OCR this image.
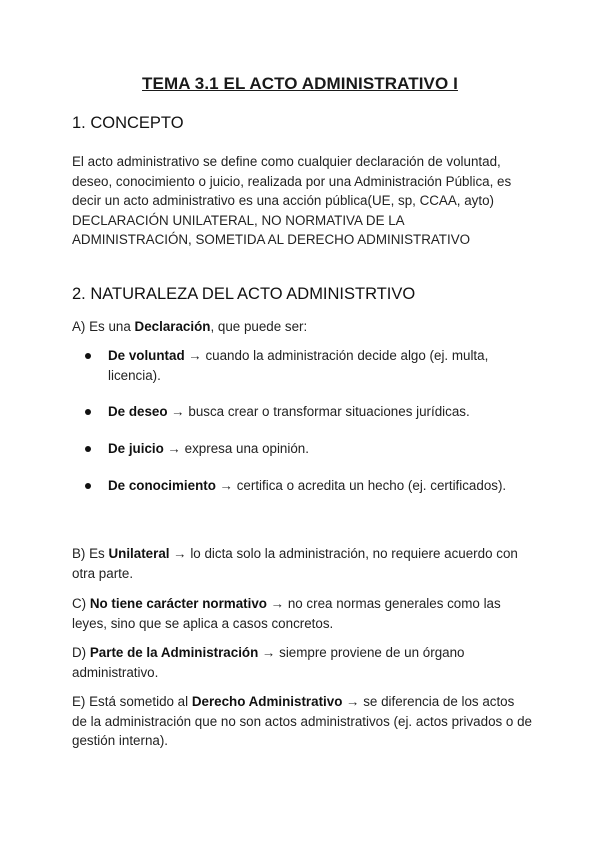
TEMA 3.1 EL ACTO ADMINISTRATIVO I
1. CONCEPTO

El acto administrativo se define como cualquier declaración de voluntad, deseo, conocimiento o juicio, realizada por una Administración Pública, es decir un acto administrativo es una acción pública(UE, sp, CCAA, ayto)
DECLARACIÓN UNILATERAL, NO NORMATIVA DE LA
ADMINISTRACIÓN, SOMETIDA AL DERECHO ADMINISTRATIVO

2. NATURALEZA DEL ACTO ADMINISTRTIVO

A) Es una Declaración, que puede ser:

De voluntad → cuando la administración decide algo (ej. multa, licencia).
De deseo → busca crear o transformar situaciones jurídicas.
De juicio → expresa una opinión.
De conocimiento → certifica o acredita un hecho (ej. certificados).

B) Es Unilateral → lo dicta solo la administración, no requiere acuerdo con otra parte.

C) No tiene carácter normativo → no crea normas generales como las leyes, sino que se aplica a casos concretos.

D) Parte de la Administración → siempre proviene de un órgano administrativo.

E) Está sometido al Derecho Administrativo → se diferencia de los actos de la administración que no son actos administrativos (ej. actos privados o de gestión interna).
